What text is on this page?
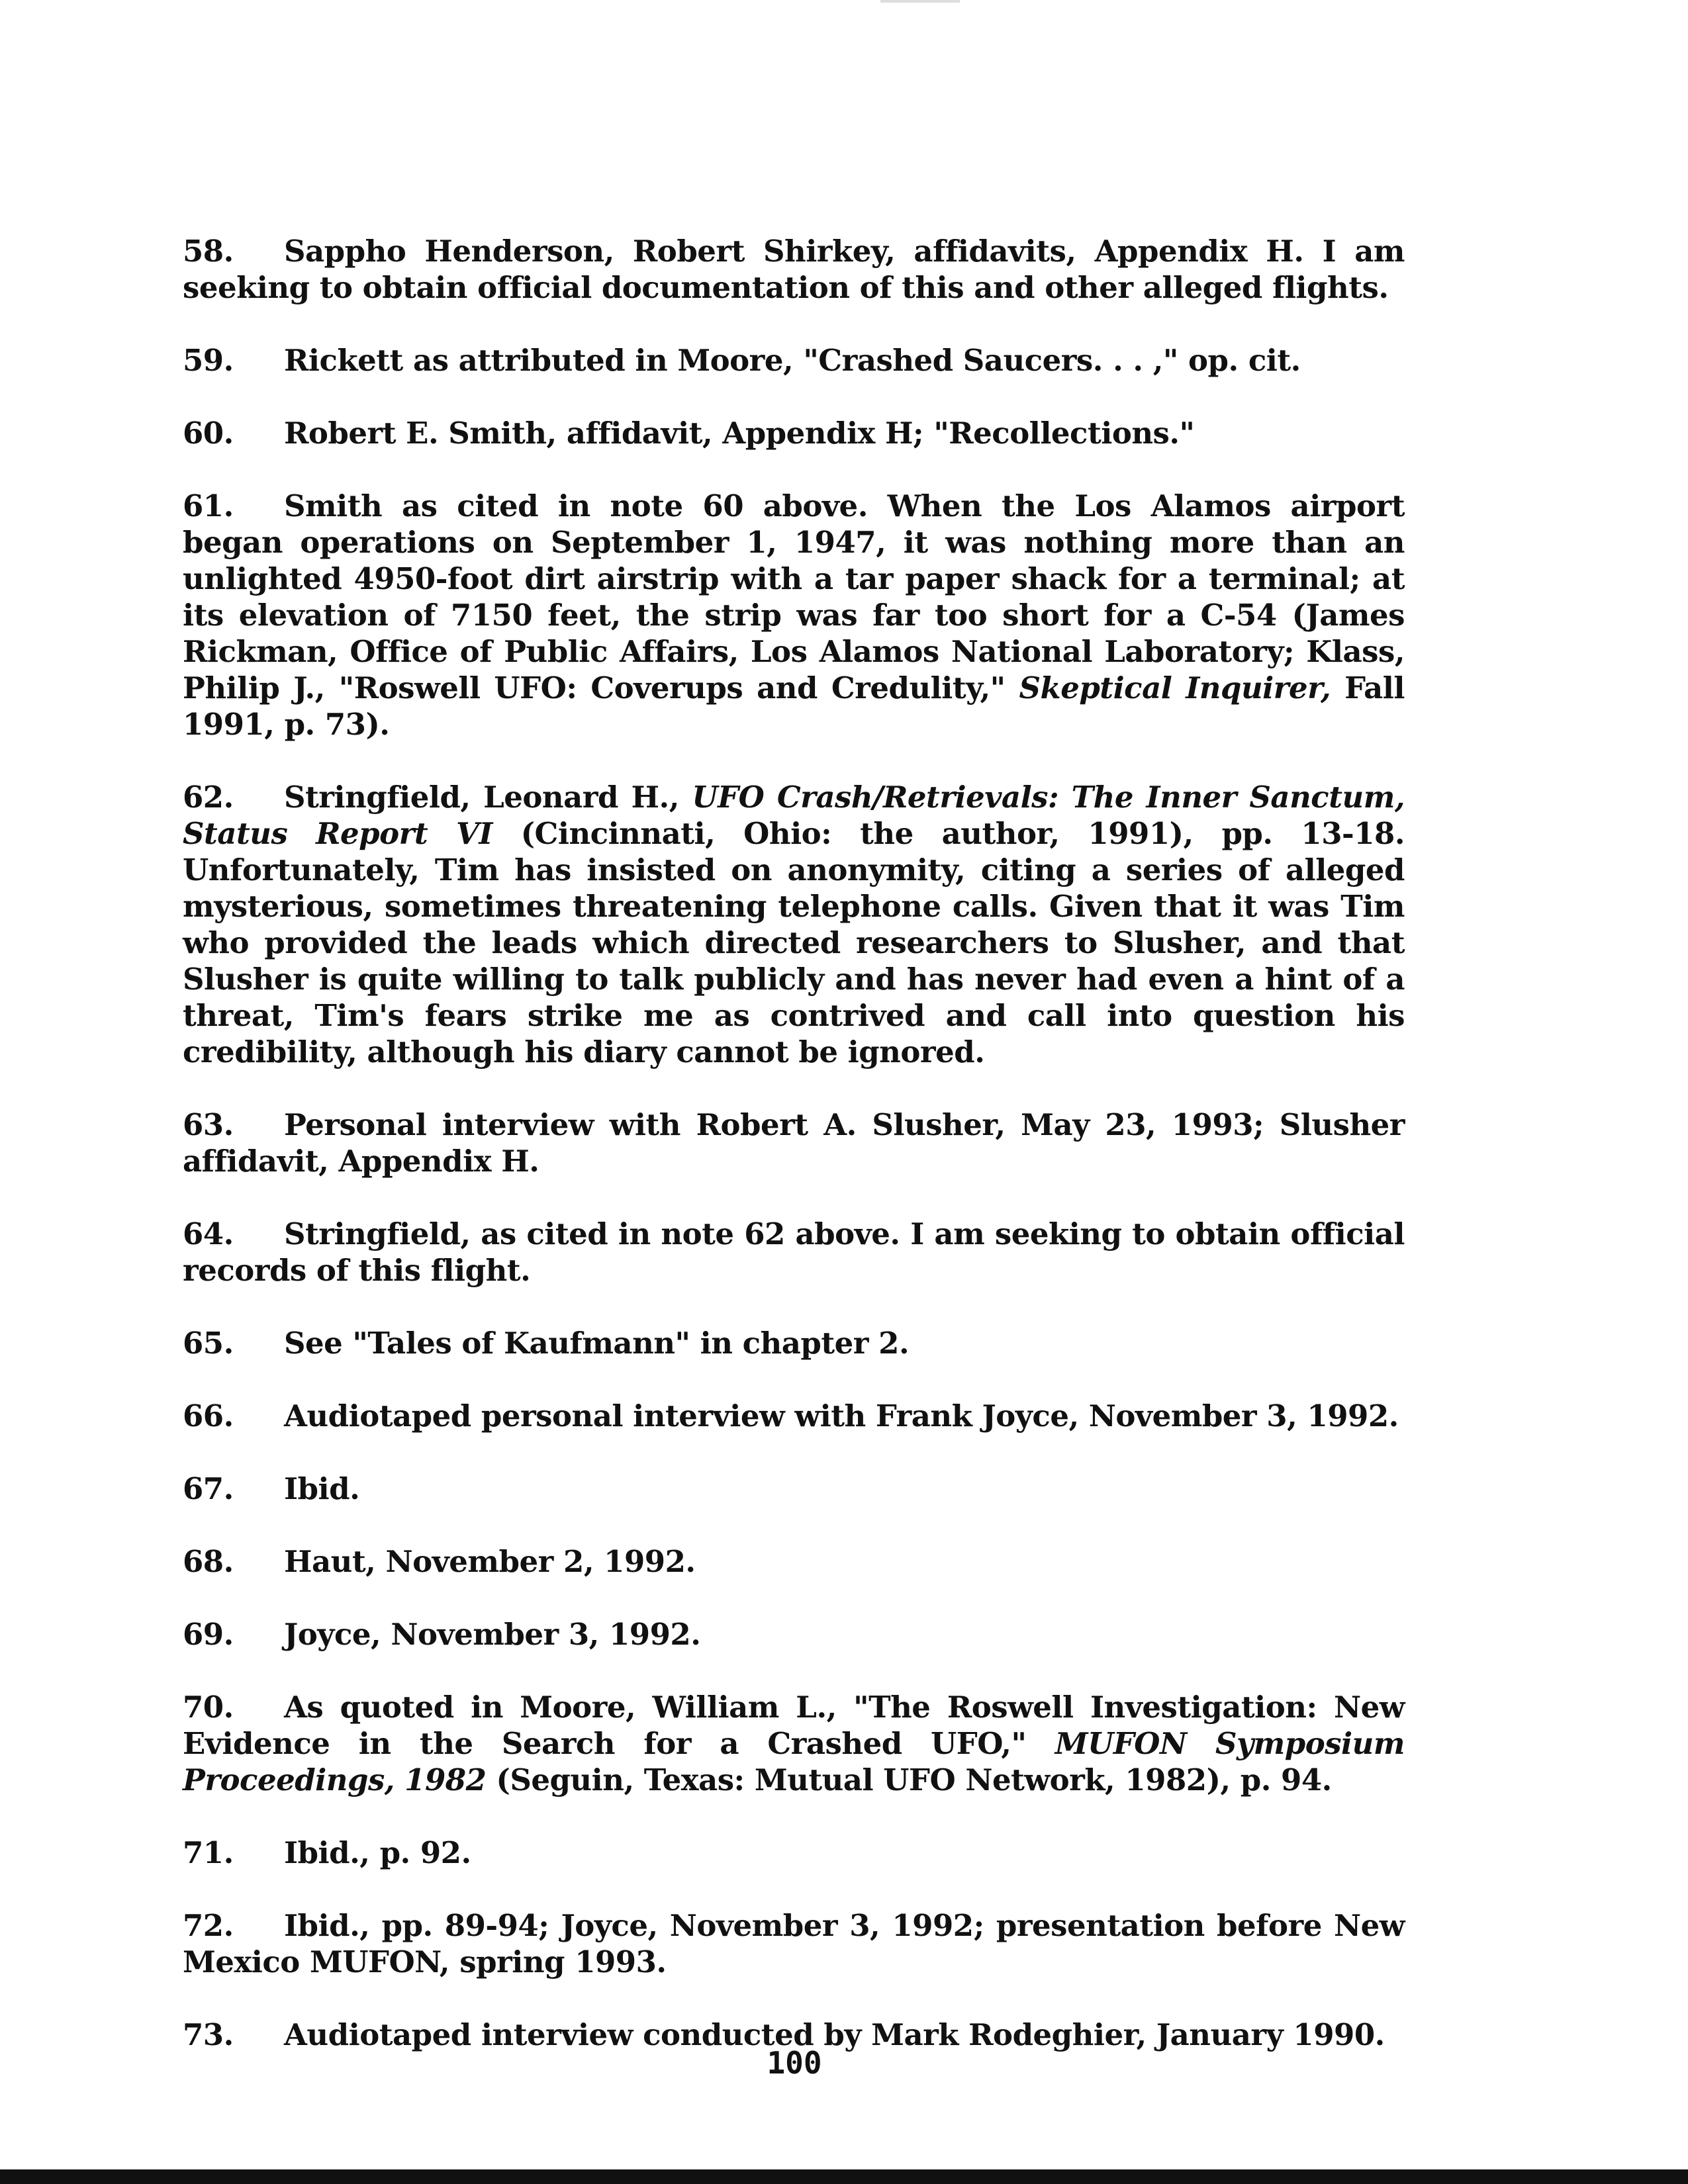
58. Sappho Henderson, Robert Shirkey, affidavits, Appendix H. I am seeking to obtain official documentation of this and other alleged flights.

59. Rickett as attributed in Moore, "Crashed Saucers. . . ," op. cit.

60. Robert E. Smith, affidavit, Appendix H; "Recollections."

61. Smith as cited in note 60 above. When the Los Alamos airport began operations on September 1, 1947, it was nothing more than an unlighted 4950-foot dirt airstrip with a tar paper shack for a terminal; at its elevation of 7150 feet, the strip was far too short for a C-54 (James Rickman, Office of Public Affairs, Los Alamos National Laboratory; Klass, Philip J., "Roswell UFO: Coverups and Credulity," Skeptical Inquirer, Fall 1991, p. 73).

62. Stringfield, Leonard H., UFO Crash/Retrievals: The Inner Sanctum, Status Report VI (Cincinnati, Ohio: the author, 1991), pp. 13-18. Unfortunately, Tim has insisted on anonymity, citing a series of alleged mysterious, sometimes threatening telephone calls. Given that it was Tim who provided the leads which directed researchers to Slusher, and that Slusher is quite willing to talk publicly and has never had even a hint of a threat, Tim's fears strike me as contrived and call into question his credibility, although his diary cannot be ignored.

63. Personal interview with Robert A. Slusher, May 23, 1993; Slusher affidavit, Appendix H.

64. Stringfield, as cited in note 62 above. I am seeking to obtain official records of this flight.

65. See "Tales of Kaufmann" in chapter 2.

66. Audiotaped personal interview with Frank Joyce, November 3, 1992.

67. Ibid.

68. Haut, November 2, 1992.

69. Joyce, November 3, 1992.

70. As quoted in Moore, William L., "The Roswell Investigation: New Evidence in the Search for a Crashed UFO," MUFON Symposium Proceedings, 1982 (Seguin, Texas: Mutual UFO Network, 1982), p. 94.

71. Ibid., p. 92.

72. Ibid., pp. 89-94; Joyce, November 3, 1992; presentation before New Mexico MUFON, spring 1993.

73. Audiotaped interview conducted by Mark Rodeghier, January 1990.

100
